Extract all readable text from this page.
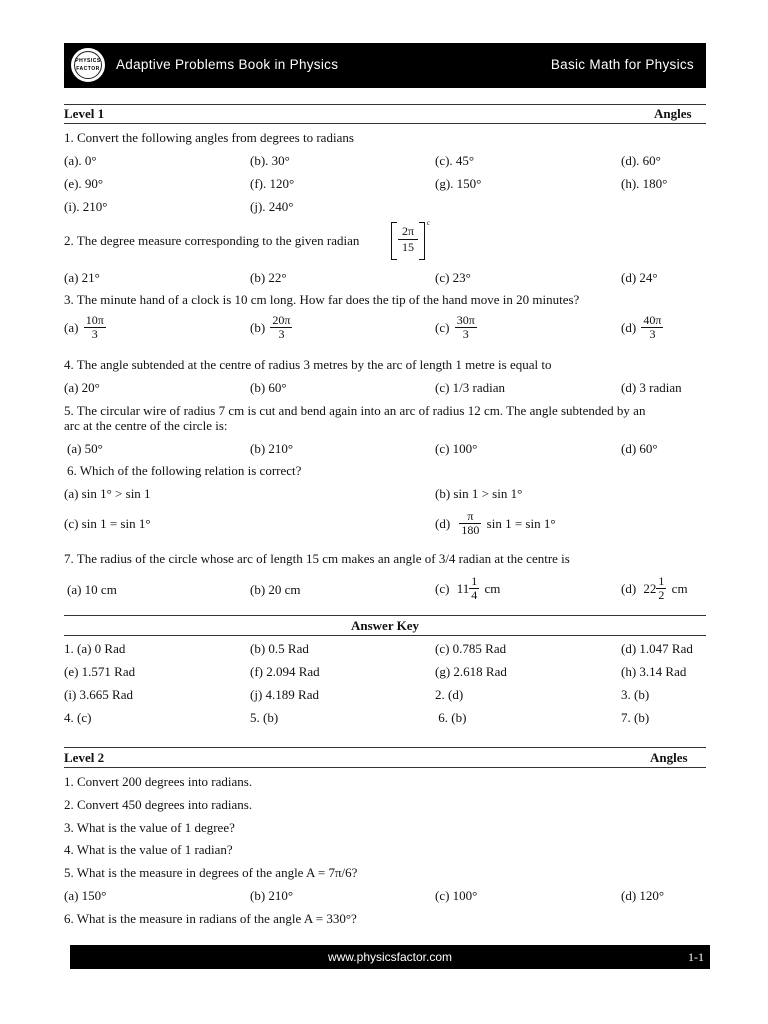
PHYSICS
FACTOR	Adaptive Problems Book in Physics	Basic Math for Physics
Level 1	Angles
1. Convert the following angles from degrees to radians
(a). 0°	(b). 30°	(c). 45°	(d). 60°
(e). 90°	(f). 120°	(g). 150°	(h). 180°
(i). 210°	(j). 240°
2. The degree measure corresponding to the given radian	$\frac{2\pi}{15}$
c
(a) 21°	(b) 22°	(c) 23°	(d) 24°
3. The minute hand of a clock is 10 cm long. How far does the tip of the hand move in 20 minutes?
$(a) \frac{10\pi}{3}$	$(b) \frac{20\pi}{3}$	$(c) \frac{30\pi}{3}$	$(d) \frac{40\pi}{3}$
4. The angle subtended at the centre of radius 3 metres by the arc of length 1 metre is equal to
(a) 20°	(b) 60°	(c) 1/3 radian	(d) 3 radian
5. The circular wire of radius 7 cm is cut and bend again into an arc of radius 12 cm. The angle subtended by an
arc at the centre of the circle is:
(a) 50°	(b) 210°	(c) 100°	(d) 60°
6. Which of the following relation is correct?
(a) sin 1° > sin 1	(b) sin 1 > sin 1°
(c) sin 1 = sin 1°	$(d) \frac{\pi}{180}$ sin 1 = sin 1°
7. The radius of the circle whose arc of length 15 cm makes an angle of 3/4 radian at the centre is
(a) 10 cm	(b) 20 cm	(c) $11 \frac{1}{4}$ cm	(d) $22 \frac{1}{2}$ cm
Answer Key
1. (a) 0 Rad	(b) 0.5 Rad	(c) 0.785 Rad	(d) 1.047 Rad
(e) 1.571 Rad	(f) 2.094 Rad	(g) 2.618 Rad	(h) 3.14 Rad
(i) 3.665 Rad	(j) 4.189 Rad	2. (d)	3. (b)
4. (c)	5. (b)	6. (b)	7. (b)
Level 2	Angles
1. Convert 200 degrees into radians.
2. Convert 450 degrees into radians.
3. What is the value of 1 degree?
4. What is the value of 1 radian?
5. What is the measure in degrees of the angle A = 7π/6?
(a) 150°	(b) 210°	(c) 100°	(d) 120°
6. What is the measure in radians of the angle A = 330°?
www.physicsfactor.com	1-1
